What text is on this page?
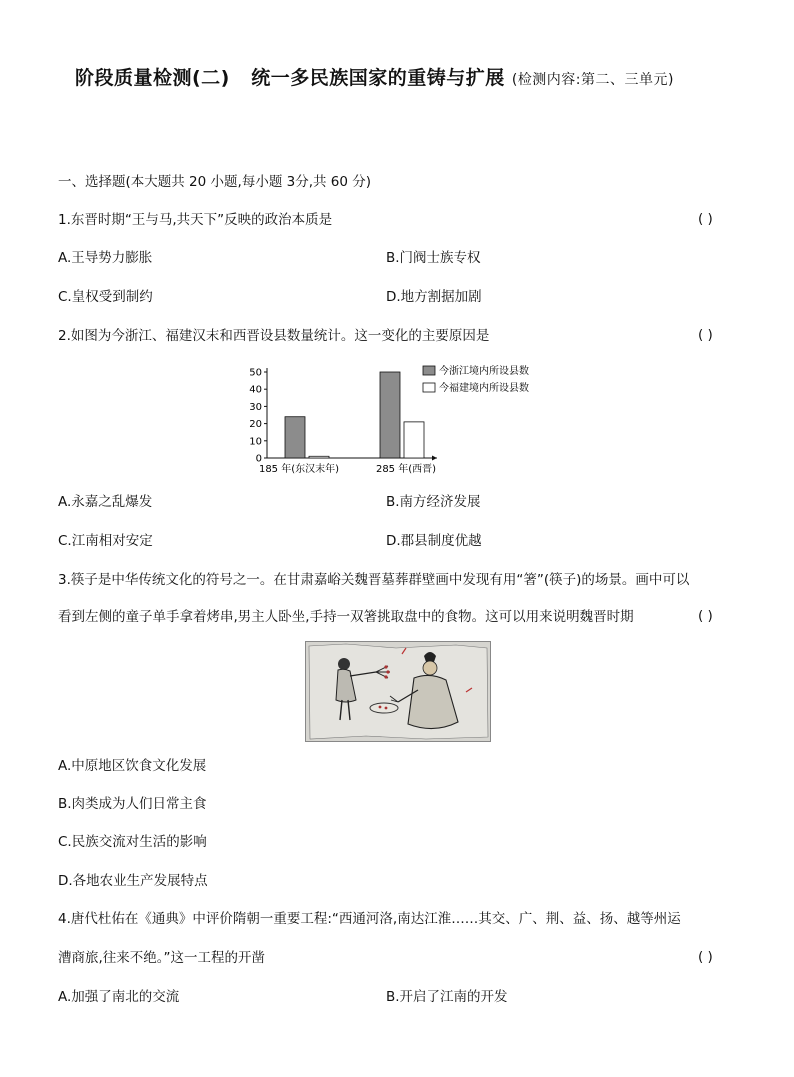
阶段质量检测(二)   统一多民族国家的重铸与扩展 (检测内容:第二、三单元)
一、选择题(本大题共 20 小题,每小题 3分,共 60 分)
1.东晋时期“王与马,共天下”反映的政治本质是	( )
A.王导势力膨胀	B.门阀士族专权
C.皇权受到制约	D.地方割据加剧
2.如图为今浙江、福建汉末和西晋设县数量统计。这一变化的主要原因是	( )
0
10
20
30
40
50
185 年(东汉末年)	285 年(西晋)
今浙江境内所设县数
今福建境内所设县数
A.永嘉之乱爆发	B.南方经济发展
C.江南相对安定	D.郡县制度优越
3.筷子是中华传统文化的符号之一。在甘肃嘉峪关魏晋墓葬群壁画中发现有用“箸”(筷子)的场景。画中可以
看到左侧的童子单手拿着烤串,男主人卧坐,手持一双箸挑取盘中的食物。这可以用来说明魏晋时期	( )
A.中原地区饮食文化发展
B.肉类成为人们日常主食
C.民族交流对生活的影响
D.各地农业生产发展特点
4.唐代杜佑在《通典》中评价隋朝一重要工程:“西通河洛,南达江淮……其交、广、荆、益、扬、越等州运
漕商旅,往来不绝。”这一工程的开凿	( )
A.加强了南北的交流	B.开启了江南的开发
